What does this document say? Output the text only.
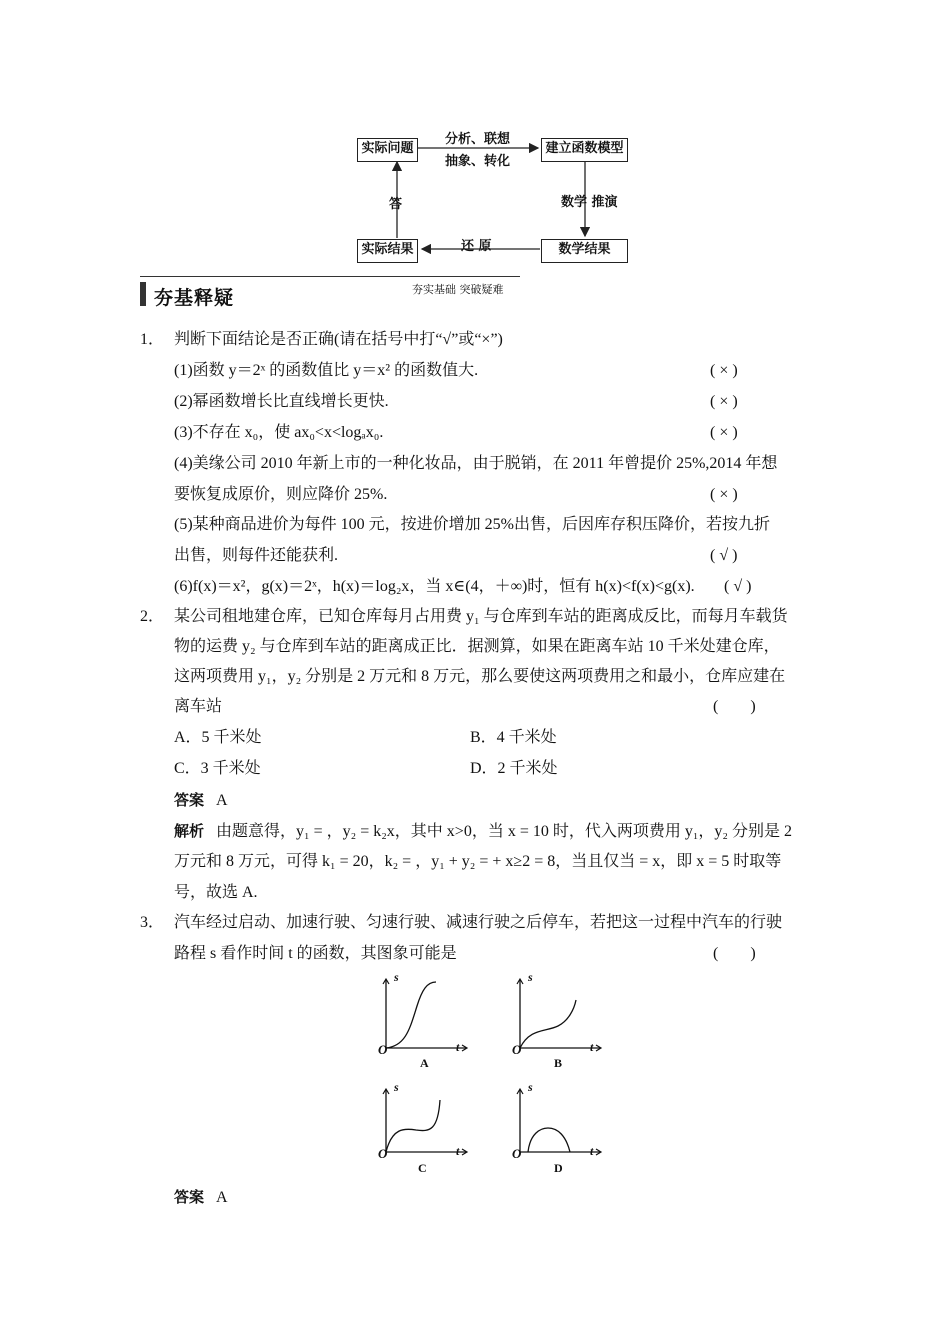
实际问题	建立函数模型
数学结果
实际结果
分析、联想
抽象、转化
数学 推演
还 原
答
夯基释疑	夯实基础 突破疑难
1． 判断下面结论是否正确(请在括号中打“√”或“×”)
(1)函数 y＝2ˣ 的函数值比 y＝x² 的函数值大.	( × )
(2)幂函数增长比直线增长更快.	( × )
(3)不存在 x₀，使 ax₀<x<logₐx₀.	( × )
(4)美缘公司 2010 年新上市的一种化妆品，由于脱销，在 2011 年曾提价 25%,2014 年想
要恢复成原价，则应降价 25%.	( × )
(5)某种商品进价为每件 100 元，按进价增加 25%出售，后因库存积压降价，若按九折
出售，则每件还能获利.	( √ )
(6)f(x)＝x²，g(x)＝2ˣ，h(x)＝log₂x，当 x∈(4，＋∞)时，恒有 h(x)<f(x)<g(x). ( √ )
2． 某公司租地建仓库，已知仓库每月占用费 y₁ 与仓库到车站的距离成反比，而每月车载货
物的运费 y₂ 与仓库到车站的距离成正比．据测算，如果在距离车站 10 千米处建仓库，
这两项费用 y₁，y₂ 分别是 2 万元和 8 万元，那么要使这两项费用之和最小，仓库应建在
离车站	(　　)
A．5 千米处	B．4 千米处
C．3 千米处	D．2 千米处
答案 A
解析 由题意得，y₁ = ，y₂ = k₂x，其中 x>0，当 x = 10 时，代入两项费用 y₁，y₂ 分别是 2
万元和 8 万元，可得 k₁ = 20，k₂ = ，y₁ + y₂ = + x≥2 = 8，当且仅当 = x，即 x = 5 时取等
号，故选 A.
3． 汽车经过启动、加速行驶、匀速行驶、减速行驶之后停车，若把这一过程中汽车的行驶
路程 s 看作时间 t 的函数，其图象可能是	(　　)
s
t
O
A
s
t
O
B
s
t
O
C
s
t
O
D
答案 A
